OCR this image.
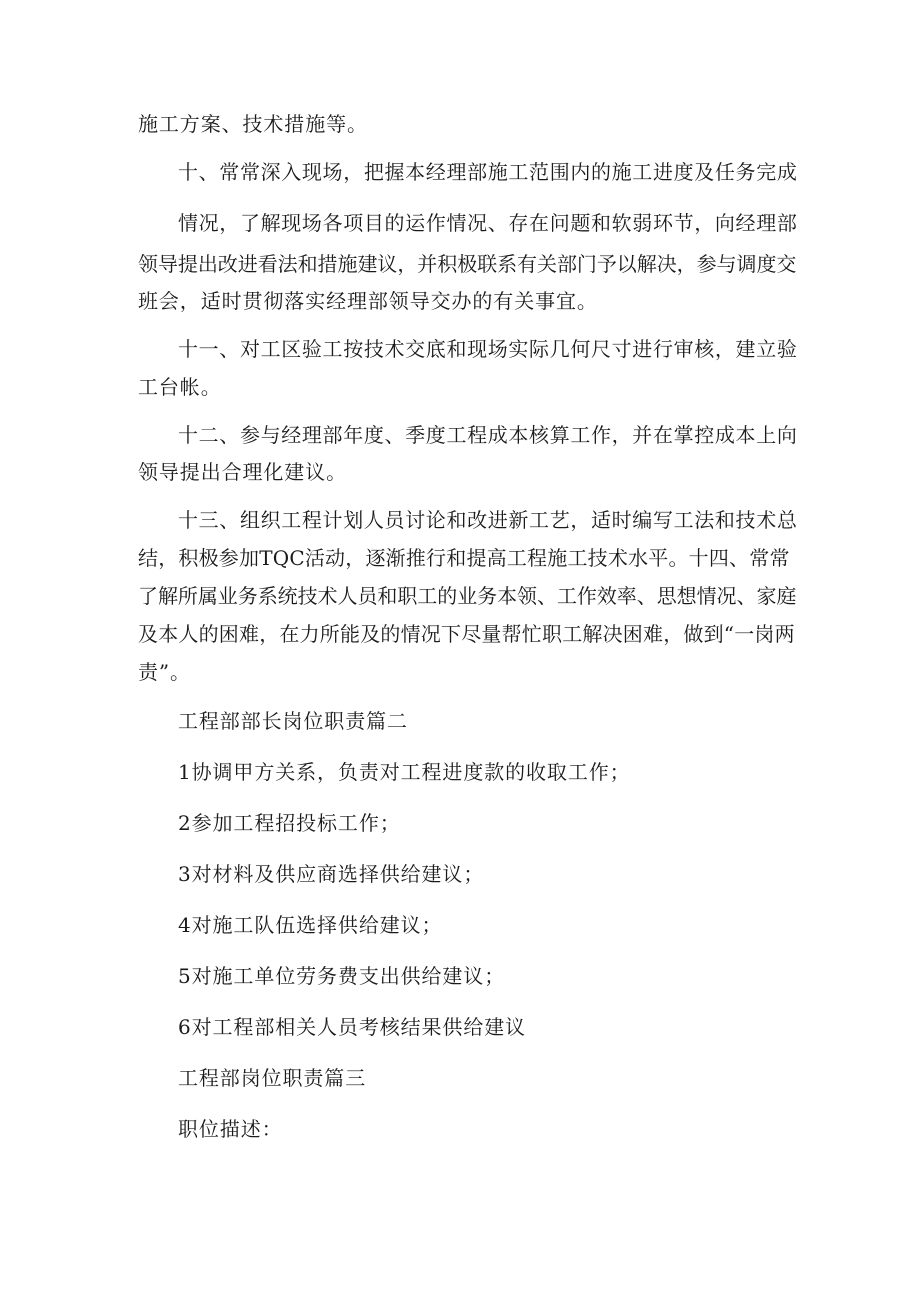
施工方案、技术措施等。
十、常常深入现场，把握本经理部施工范围内的施工进度及任务完成
情况，了解现场各项目的运作情况、存在问题和软弱环节，向经理部
领导提出改进看法和措施建议，并积极联系有关部门予以解决，参与调度交
班会，适时贯彻落实经理部领导交办的有关事宜。
十一、对工区验工按技术交底和现场实际几何尺寸进行审核，建立验
工台帐。
十二、参与经理部年度、季度工程成本核算工作，并在掌控成本上向
领导提出合理化建议。
十三、组织工程计划人员讨论和改进新工艺，适时编写工法和技术总
结，积极参加TQC活动，逐渐推行和提高工程施工技术水平。十四、常常
了解所属业务系统技术人员和职工的业务本领、工作效率、思想情况、家庭
及本人的困难，在力所能及的情况下尽量帮忙职工解决困难，做到“一岗两
责”。
工程部部长岗位职责篇二
1协调甲方关系，负责对工程进度款的收取工作；
2参加工程招投标工作；
3对材料及供应商选择供给建议；
4对施工队伍选择供给建议；
5对施工单位劳务费支出供给建议；
6对工程部相关人员考核结果供给建议
工程部岗位职责篇三
职位描述：
